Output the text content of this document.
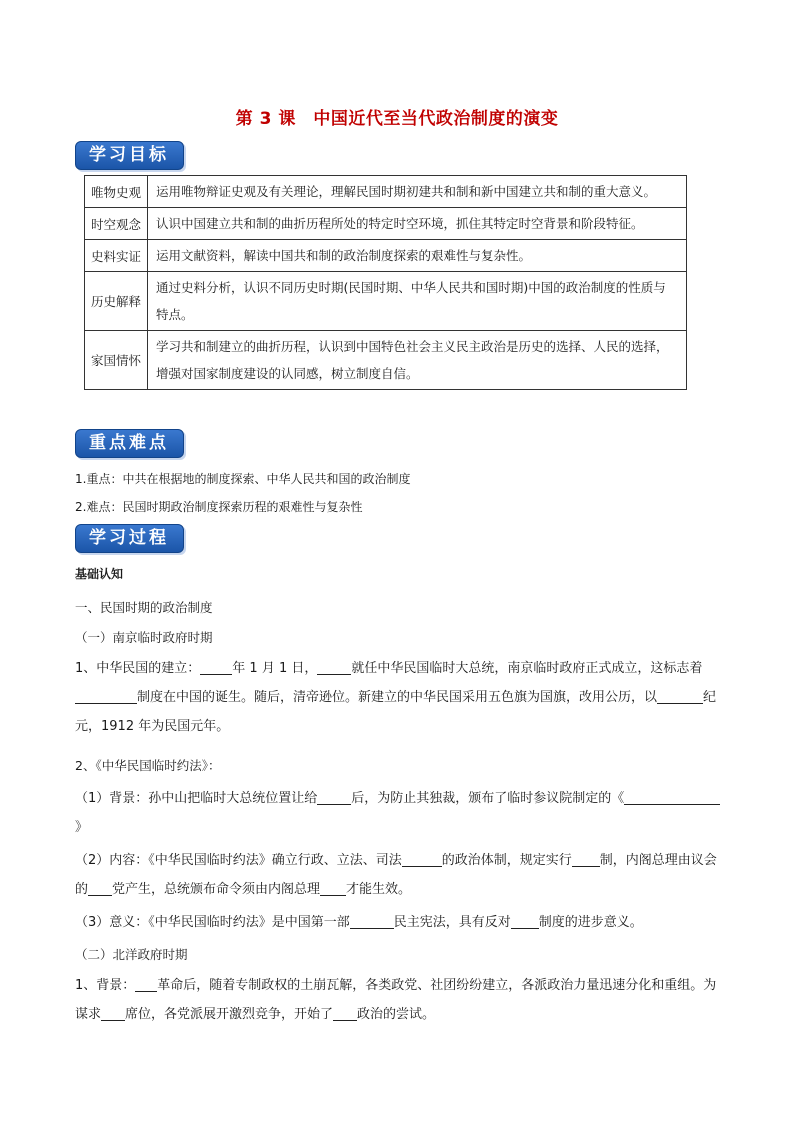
第 3 课　中国近代至当代政治制度的演变
学习目标
唯物史观	运用唯物辩证史观及有关理论，理解民国时期初建共和制和新中国建立共和制的重大意义。
时空观念	认识中国建立共和制的曲折历程所处的特定时空环境，抓住其特定时空背景和阶段特征。
史料实证	运用文献资料，解读中国共和制的政治制度探索的艰难性与复杂性。
历史解释	通过史料分析，认识不同历史时期(民国时期、中华人民共和国时期)中国的政治制度的性质与特点。
家国情怀	学习共和制建立的曲折历程，认识到中国特色社会主义民主政治是历史的选择、人民的选择，增强对国家制度建设的认同感，树立制度自信。
重点难点
1.重点：中共在根据地的制度探索、中华人民共和国的政治制度
2.难点：民国时期政治制度探索历程的艰难性与复杂性
学习过程
基础认知
一、民国时期的政治制度
（一）南京临时政府时期
1、中华民国的建立： 年 1 月 1 日，	就任中华民国临时大总统，南京临时政府正式成立，这标志着制度在中国的诞生。随后，清帝逊位。新建立的中华民国采用五色旗为国旗，改用公历，以	纪元，1912 年为民国元年。
2、《中华民国临时约法》：
（1）背景：孙中山把临时大总统位置让给	后，为防止其独裁，颁布了临时参议院制定的《》
（2）内容：《中华民国临时约法》确立行政、立法、司法	的政治体制，规定实行 制，内阁总理由议会的 党产生，总统颁布命令须由内阁总理 才能生效。
（3）意义：《中华民国临时约法》是中国第一部	民主宪法，具有反对 制度的进步意义。
（二）北洋政府时期
1、背景： 革命后，随着专制政权的土崩瓦解，各类政党、社团纷纷建立，各派政治力量迅速分化和重组。为谋求 席位，各党派展开激烈竞争，开始了 政治的尝试。
